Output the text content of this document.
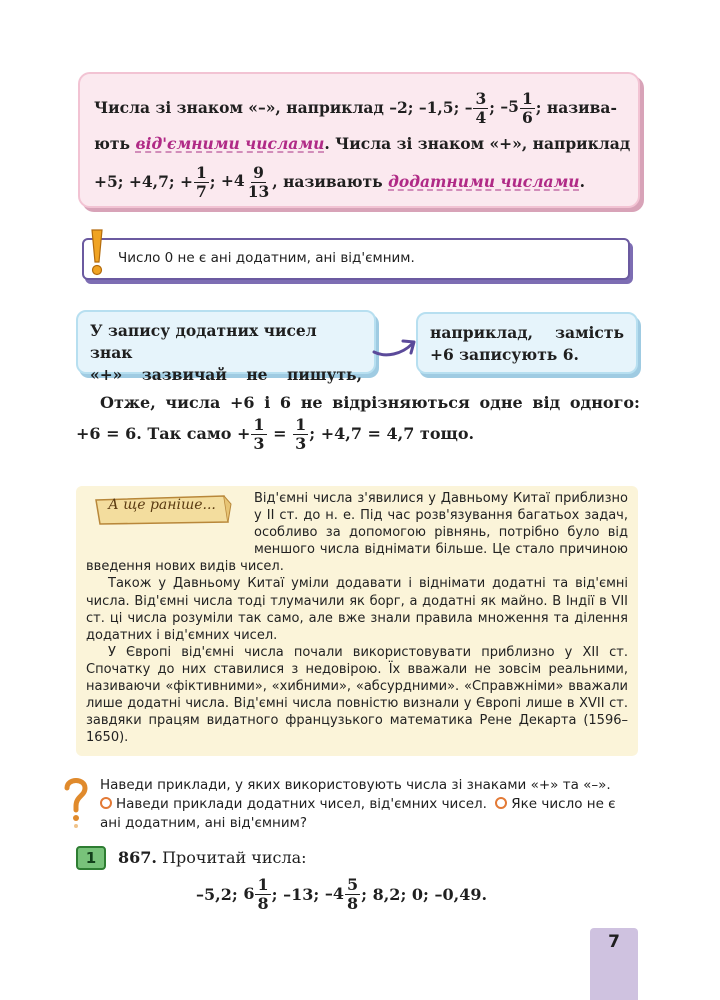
Числа зі знаком «–», наприклад
–2;
–1,5;
– $\frac{3}{4}$ ; $-5 \frac{1}{6}$ ; назива-
ють
від'ємними числами . Числа зі знаком «+», наприклад
+5;
+4,7;
+ $\frac{1}{7}$ ; $+4 \frac{9}{13}$ , називають
додатними числами .
Число 0 не є ані додатним, ані від'ємним.
У запису додатних чисел знак
«+» зазвичай не пишуть,
наприклад, замість
+6 записують 6.
Отже, числа +6 і 6 не відрізняються одне від одного:
+6 = 6. Так само + $\frac{1}{3} = \frac{1}{3}$ ; +4,7 = 4,7 тощо.
А ще раніше...	Від'ємні числа з'явилися у Давньому Китаї приблизно у II ст. до н. е. Під час розв'язування багатьох задач, особливо за допомогою рівнянь, потрібно було від меншого числа віднімати більше. Це стало причиною введення нових видів чисел.

Також у Давньому Китаї уміли додавати і віднімати додатні та від'ємні числа. Від'ємні числа тоді тлумачили як борг, а додатні як майно. В Індії в VII ст. ці числа розуміли так само, але вже знали правила множення та ділення додатних і від'ємних чисел.

У Європі від'ємні числа почали використовувати приблизно у XII ст. Спочатку до них ставилися з недовірою. Їх вважали не зовсім реальними, називаючи «фіктивними», «хибними», «абсурдними». «Справжніми» вважали лише додатні числа. Від'ємні числа повністю визнали у Європі лише в XVII ст. завдяки працям видатного французького математика Рене Декарта (1596–1650).

Наведи приклади, у яких використовують числа зі знаками «+» та «–».
Наведи приклади додатних чисел, від'ємних чисел. Яке число не є ані додатним, ані від'ємним?
1	867. Прочитай числа:
–5,2;
$6 \frac{1}{8}$ ; –13;
$-4 \frac{5}{8}$ ; 8,2; 0; –0,49.
7
